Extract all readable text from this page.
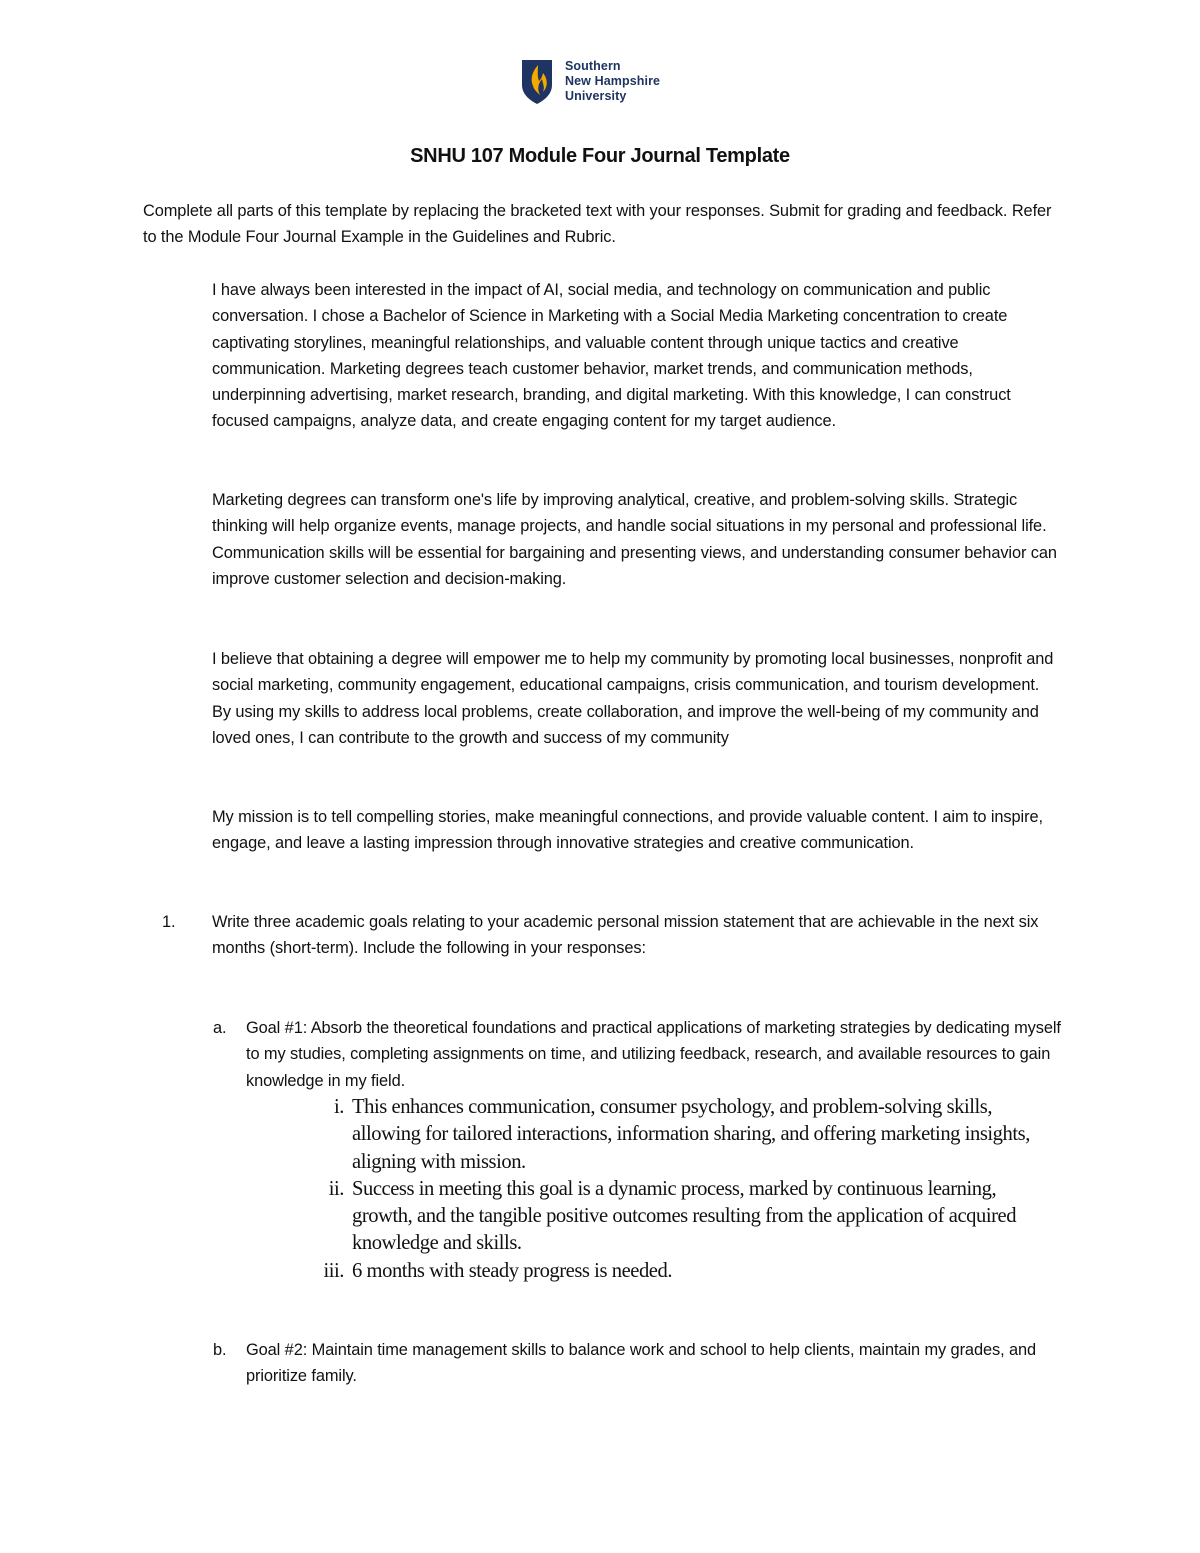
Southern
New Hampshire
University
SNHU 107 Module Four Journal Template

Complete all parts of this template by replacing the bracketed text with your responses. Submit for grading and feedback. Refer to the Module Four Journal Example in the Guidelines and Rubric.

I have always been interested in the impact of AI, social media, and technology on communication and public conversation. I chose a Bachelor of Science in Marketing with a Social Media Marketing concentration to create captivating storylines, meaningful relationships, and valuable content through unique tactics and creative communication. Marketing degrees teach customer behavior, market trends, and communication methods, underpinning advertising, market research, branding, and digital marketing. With this knowledge, I can construct focused campaigns, analyze data, and create engaging content for my target audience.

Marketing degrees can transform one's life by improving analytical, creative, and problem-solving skills. Strategic thinking will help organize events, manage projects, and handle social situations in my personal and professional life. Communication skills will be essential for bargaining and presenting views, and understanding consumer behavior can improve customer selection and decision-making.

I believe that obtaining a degree will empower me to help my community by promoting local businesses, nonprofit and social marketing, community engagement, educational campaigns, crisis communication, and tourism development. By using my skills to address local problems, create collaboration, and improve the well-being of my community and loved ones, I can contribute to the growth and success of my community

My mission is to tell compelling stories, make meaningful connections, and provide valuable content. I aim to inspire, engage, and leave a lasting impression through innovative strategies and creative communication.

1. Write three academic goals relating to your academic personal mission statement that are achievable in the next six months (short-term). Include the following in your responses:
a. Goal #1: Absorb the theoretical foundations and practical applications of marketing strategies by dedicating myself to my studies, completing assignments on time, and utilizing feedback, research, and available resources to gain knowledge in my field.
i. This enhances communication, consumer psychology, and problem-solving skills, allowing for tailored interactions, information sharing, and offering marketing insights, aligning with mission.
ii. Success in meeting this goal is a dynamic process, marked by continuous learning, growth, and the tangible positive outcomes resulting from the application of acquired knowledge and skills.
iii. 6 months with steady progress is needed.
b. Goal #2: Maintain time management skills to balance work and school to help clients, maintain my grades, and prioritize family.
